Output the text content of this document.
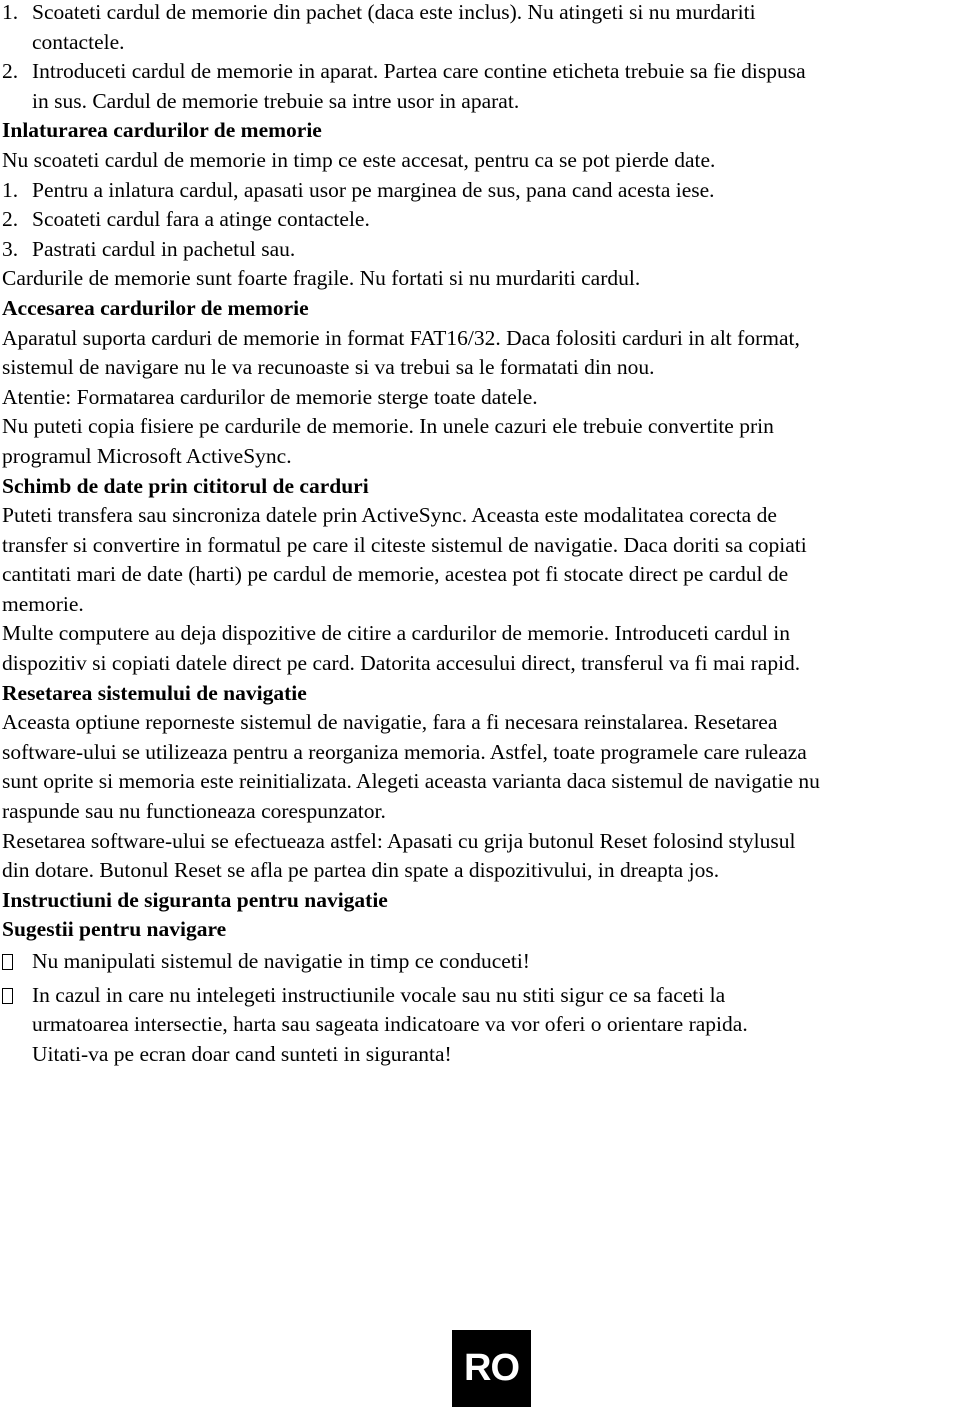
1. Scoateti cardul de memorie din pachet (daca este inclus). Nu atingeti si nu murdariti
contactele.
2. Introduceti cardul de memorie in aparat. Partea care contine eticheta trebuie sa fie dispusa
in sus. Cardul de memorie trebuie sa intre usor in aparat.
Inlaturarea cardurilor de memorie
Nu scoateti cardul de memorie in timp ce este accesat, pentru ca se pot pierde date.
1. Pentru a inlatura cardul, apasati usor pe marginea de sus, pana cand acesta iese.
2. Scoateti cardul fara a atinge contactele.
3. Pastrati cardul in pachetul sau.
Cardurile de memorie sunt foarte fragile. Nu fortati si nu murdariti cardul.
Accesarea cardurilor de memorie
Aparatul suporta carduri de memorie in format FAT16/32. Daca folositi carduri in alt format,
sistemul de navigare nu le va recunoaste si va trebui sa le formatati din nou.
Atentie: Formatarea cardurilor de memorie sterge toate datele.
Nu puteti copia fisiere pe cardurile de memorie. In unele cazuri ele trebuie convertite prin
programul Microsoft ActiveSync.
Schimb de date prin cititorul de carduri
Puteti transfera sau sincroniza datele prin ActiveSync. Aceasta este modalitatea corecta de
transfer si convertire in formatul pe care il citeste sistemul de navigatie. Daca doriti sa copiati
cantitati mari de date (harti) pe cardul de memorie, acestea pot fi stocate direct pe cardul de
memorie.
Multe computere au deja dispozitive de citire a cardurilor de memorie. Introduceti cardul in
dispozitiv si copiati datele direct pe card. Datorita accesului direct, transferul va fi mai rapid.
Resetarea sistemului de navigatie
Aceasta optiune reporneste sistemul de navigatie, fara a fi necesara reinstalarea. Resetarea
software-ului se utilizeaza pentru a reorganiza memoria. Astfel, toate programele care ruleaza
sunt oprite si memoria este reinitializata. Alegeti aceasta varianta daca sistemul de navigatie nu
raspunde sau nu functioneaza corespunzator.
Resetarea software-ului se efectueaza astfel: Apasati cu grija butonul Reset folosind stylusul
din dotare. Butonul Reset se afla pe partea din spate a dispozitivului, in dreapta jos.
Instructiuni de siguranta pentru navigatie
Sugestii pentru navigare
Nu manipulati sistemul de navigatie in timp ce conduceti!
In cazul in care nu intelegeti instructiunile vocale sau nu stiti sigur ce sa faceti la
urmatoarea intersectie, harta sau sageata indicatoare va vor oferi o orientare rapida.
Uitati-va pe ecran doar cand sunteti in siguranta!
RO
